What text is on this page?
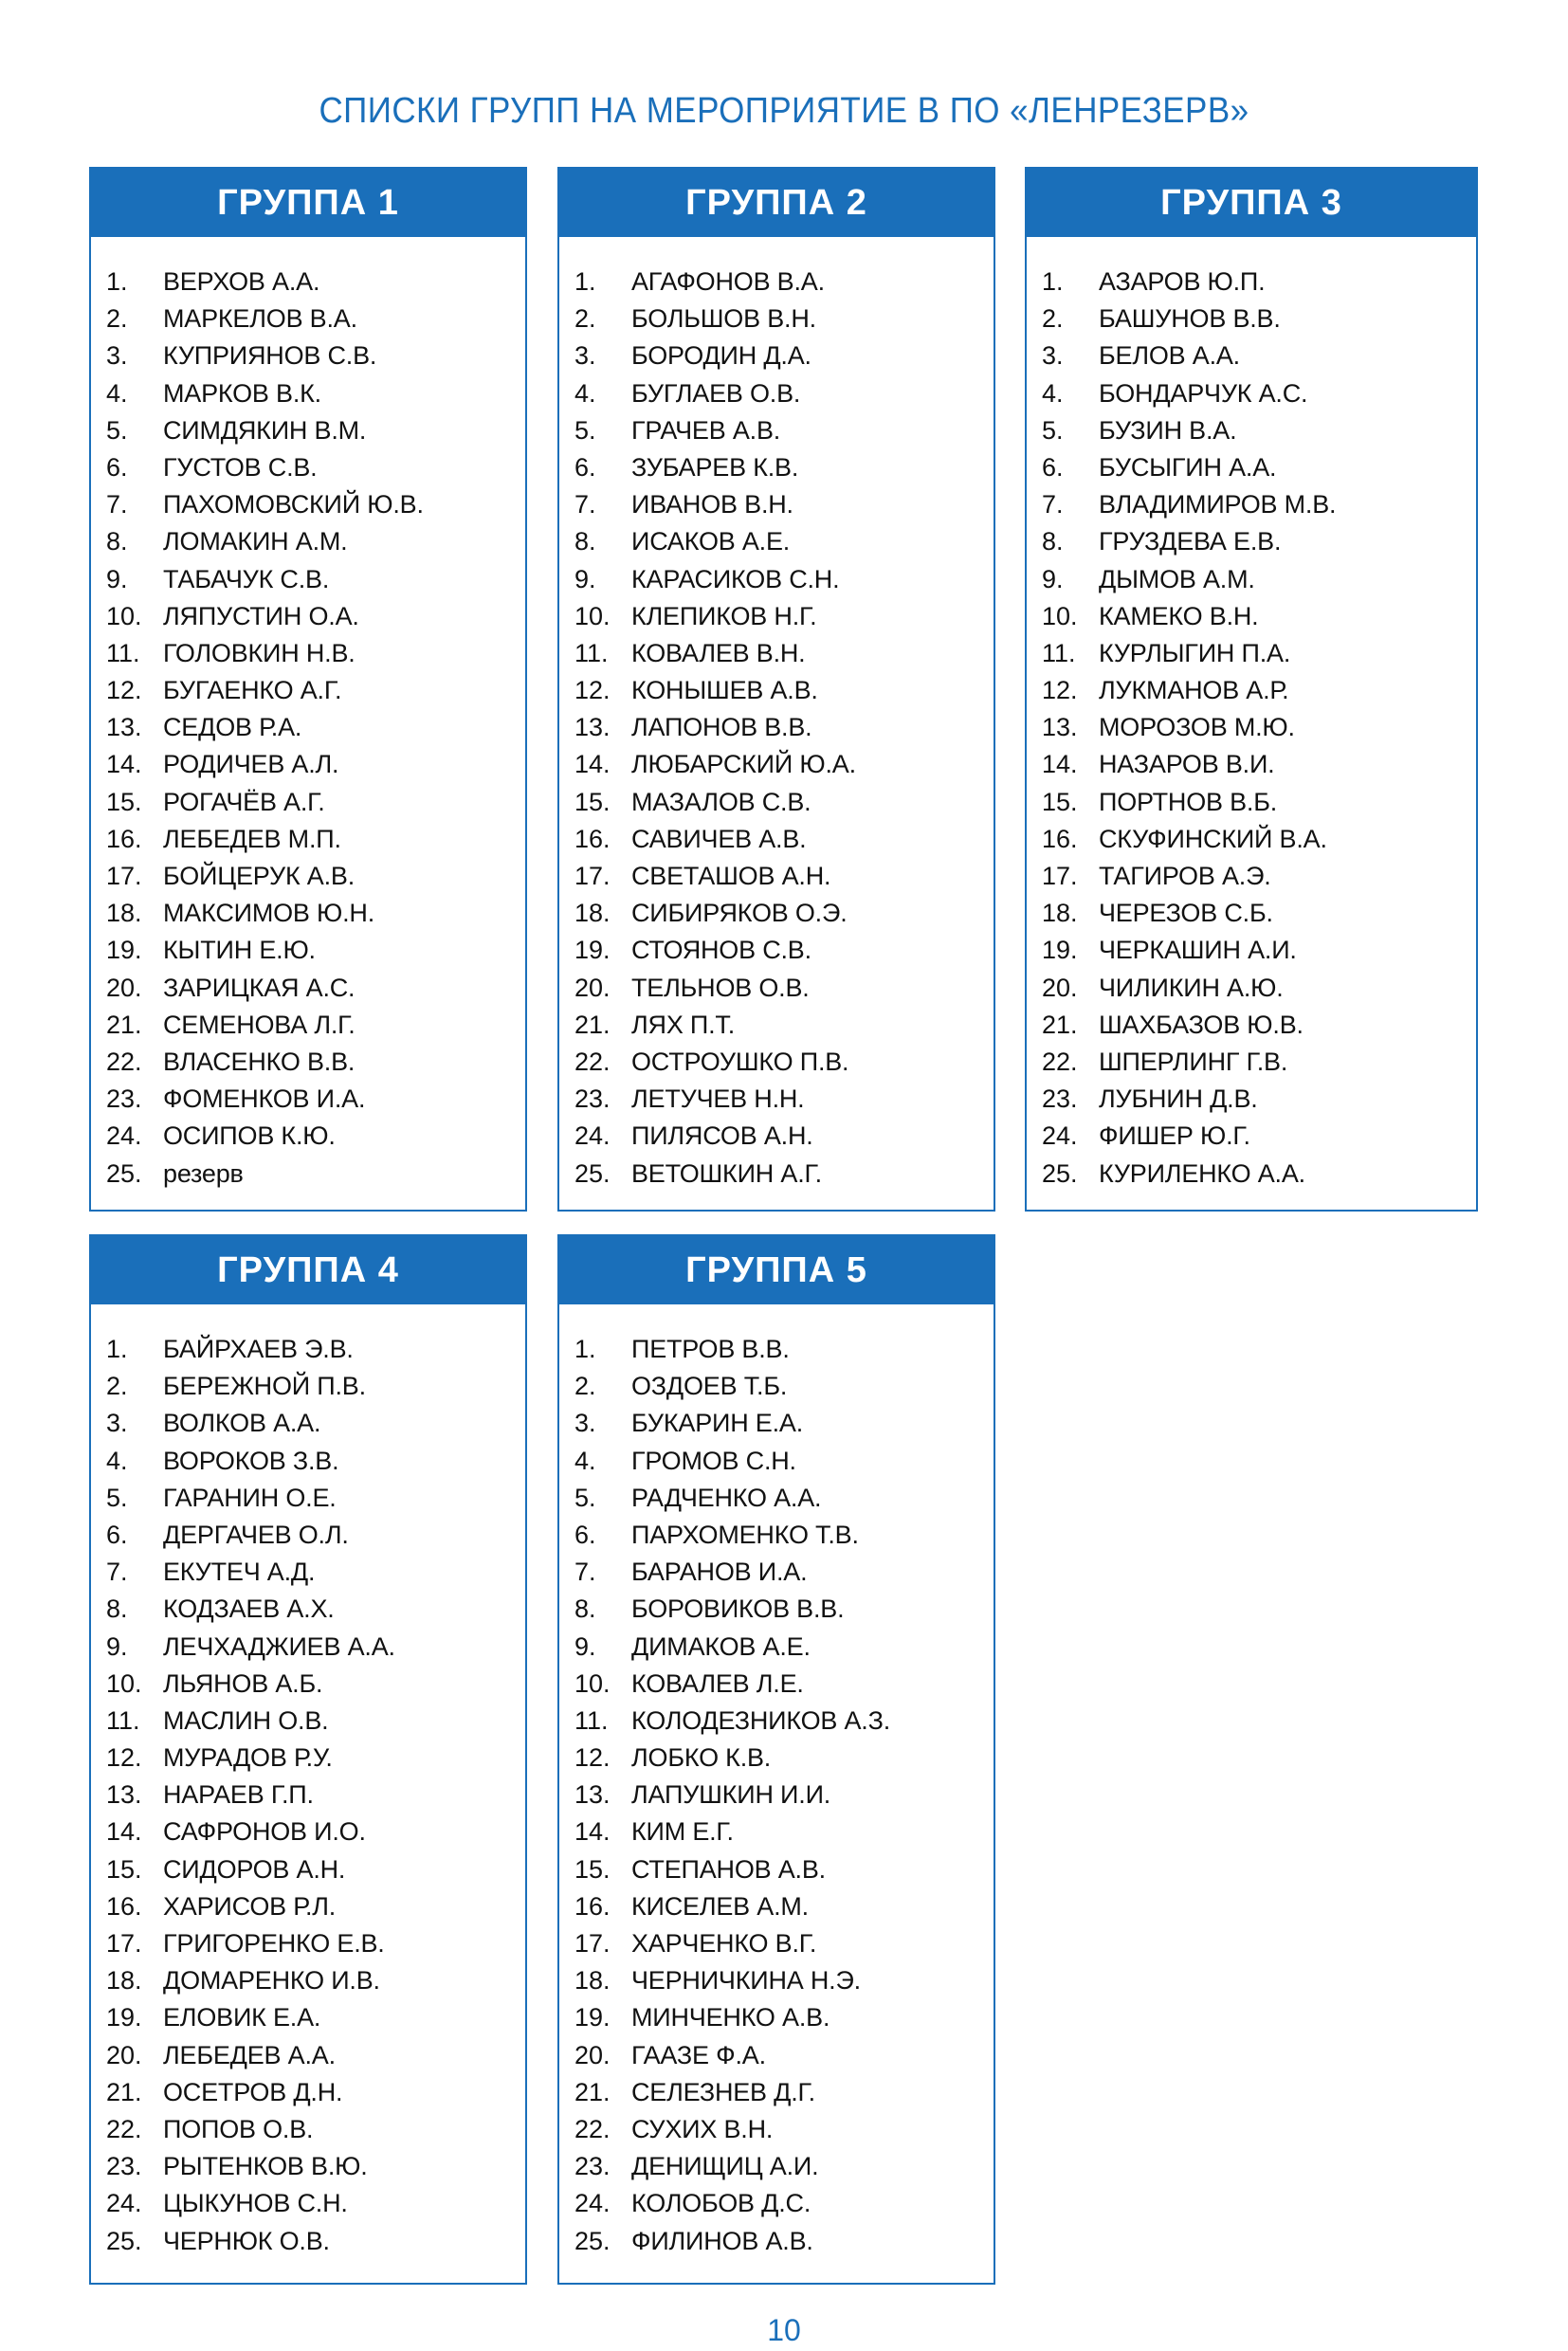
СПИСКИ ГРУПП НА МЕРОПРИЯТИЕ В ПО «ЛЕНРЕЗЕРВ»
ГРУППА 1
1.	ВЕРХОВ А.А.
2.	МАРКЕЛОВ В.А.
3.	КУПРИЯНОВ С.В.
4.	МАРКОВ В.К.
5.	СИМДЯКИН В.М.
6.	ГУСТОВ С.В.
7.	ПАХОМОВСКИЙ Ю.В.
8.	ЛОМАКИН А.М.
9.	ТАБАЧУК С.В.
10. ЛЯПУСТИН О.А.
11. ГОЛОВКИН Н.В.
12. БУГАЕНКО А.Г.
13. СЕДОВ Р.А.
14. РОДИЧЕВ А.Л.
15. РОГАЧЁВ А.Г.
16. ЛЕБЕДЕВ М.П.
17. БОЙЦЕРУК А.В.
18. МАКСИМОВ Ю.Н.
19. КЫТИН Е.Ю.
20. ЗАРИЦКАЯ А.С.
21. СЕМЕНОВА Л.Г.
22. ВЛАСЕНКО В.В.
23. ФОМЕНКОВ И.А.
24. ОСИПОВ К.Ю.
25. резерв
ГРУППА 2
1.	АГАФОНОВ В.А.
2.	БОЛЬШОВ В.Н.
3.	БОРОДИН Д.А.
4.	БУГЛАЕВ О.В.
5.	ГРАЧЕВ А.В.
6.	ЗУБАРЕВ К.В.
7.	ИВАНОВ В.Н.
8.	ИСАКОВ А.Е.
9.	КАРАСИКОВ С.Н.
10. КЛЕПИКОВ Н.Г.
11. КОВАЛЕВ В.Н.
12. КОНЫШЕВ А.В.
13. ЛАПОНОВ В.В.
14. ЛЮБАРСКИЙ Ю.А.
15. МАЗАЛОВ С.В.
16. САВИЧЕВ А.В.
17. СВЕТАШОВ А.Н.
18. СИБИРЯКОВ О.Э.
19. СТОЯНОВ С.В.
20. ТЕЛЬНОВ О.В.
21. ЛЯХ П.Т.
22. ОСТРОУШКО П.В.
23. ЛЕТУЧЕВ Н.Н.
24. ПИЛЯСОВ А.Н.
25. ВЕТОШКИН А.Г.
ГРУППА 3
1.	АЗАРОВ Ю.П.
2.	БАШУНОВ В.В.
3.	БЕЛОВ А.А.
4.	БОНДАРЧУК А.С.
5.	БУЗИН В.А.
6.	БУСЫГИН А.А.
7.	ВЛАДИМИРОВ М.В.
8.	ГРУЗДЕВА Е.В.
9.	ДЫМОВ А.М.
10. КАМЕКО В.Н.
11. КУРЛЫГИН П.А.
12. ЛУКМАНОВ А.Р.
13. МОРОЗОВ М.Ю.
14. НАЗАРОВ В.И.
15. ПОРТНОВ В.Б.
16. СКУФИНСКИЙ В.А.
17. ТАГИРОВ А.Э.
18. ЧЕРЕЗОВ С.Б.
19. ЧЕРКАШИН А.И.
20. ЧИЛИКИН А.Ю.
21. ШАХБАЗОВ Ю.В.
22. ШПЕРЛИНГ Г.В.
23. ЛУБНИН Д.В.
24. ФИШЕР Ю.Г.
25. КУРИЛЕНКО А.А.
ГРУППА 4
1.	БАЙРХАЕВ Э.В.
2.	БЕРЕЖНОЙ П.В.
3.	ВОЛКОВ А.А.
4.	ВОРОКОВ З.В.
5.	ГАРАНИН О.Е.
6.	ДЕРГАЧЕВ О.Л.
7.	ЕКУТЕЧ А.Д.
8.	КОДЗАЕВ А.Х.
9.	ЛЕЧХАДЖИЕВ А.А.
10. ЛЬЯНОВ А.Б.
11. МАСЛИН О.В.
12. МУРАДОВ Р.У.
13. НАРАЕВ Г.П.
14. САФРОНОВ И.О.
15. СИДОРОВ А.Н.
16. ХАРИСОВ Р.Л.
17. ГРИГОРЕНКО Е.В.
18. ДОМАРЕНКО И.В.
19. ЕЛОВИК Е.А.
20. ЛЕБЕДЕВ А.А.
21. ОСЕТРОВ Д.Н.
22. ПОПОВ О.В.
23. РЫТЕНКОВ В.Ю.
24. ЦЫКУНОВ С.Н.
25. ЧЕРНЮК О.В.
ГРУППА 5
1.	ПЕТРОВ В.В.
2.	ОЗДОЕВ Т.Б.
3.	БУКАРИН Е.А.
4.	ГРОМОВ С.Н.
5.	РАДЧЕНКО А.А.
6.	ПАРХОМЕНКО Т.В.
7.	БАРАНОВ И.А.
8.	БОРОВИКОВ В.В.
9.	ДИМАКОВ А.Е.
10. КОВАЛЕВ Л.Е.
11. КОЛОДЕЗНИКОВ А.З.
12. ЛОБКО К.В.
13. ЛАПУШКИН И.И.
14. КИМ Е.Г.
15. СТЕПАНОВ А.В.
16. КИСЕЛЕВ А.М.
17. ХАРЧЕНКО В.Г.
18. ЧЕРНИЧКИНА Н.Э.
19. МИНЧЕНКО А.В.
20. ГААЗЕ Ф.А.
21. СЕЛЕЗНЕВ Д.Г.
22. СУХИХ В.Н.
23. ДЕНИЩИЦ А.И.
24. КОЛОБОВ Д.С.
25. ФИЛИНОВ А.В.
10
